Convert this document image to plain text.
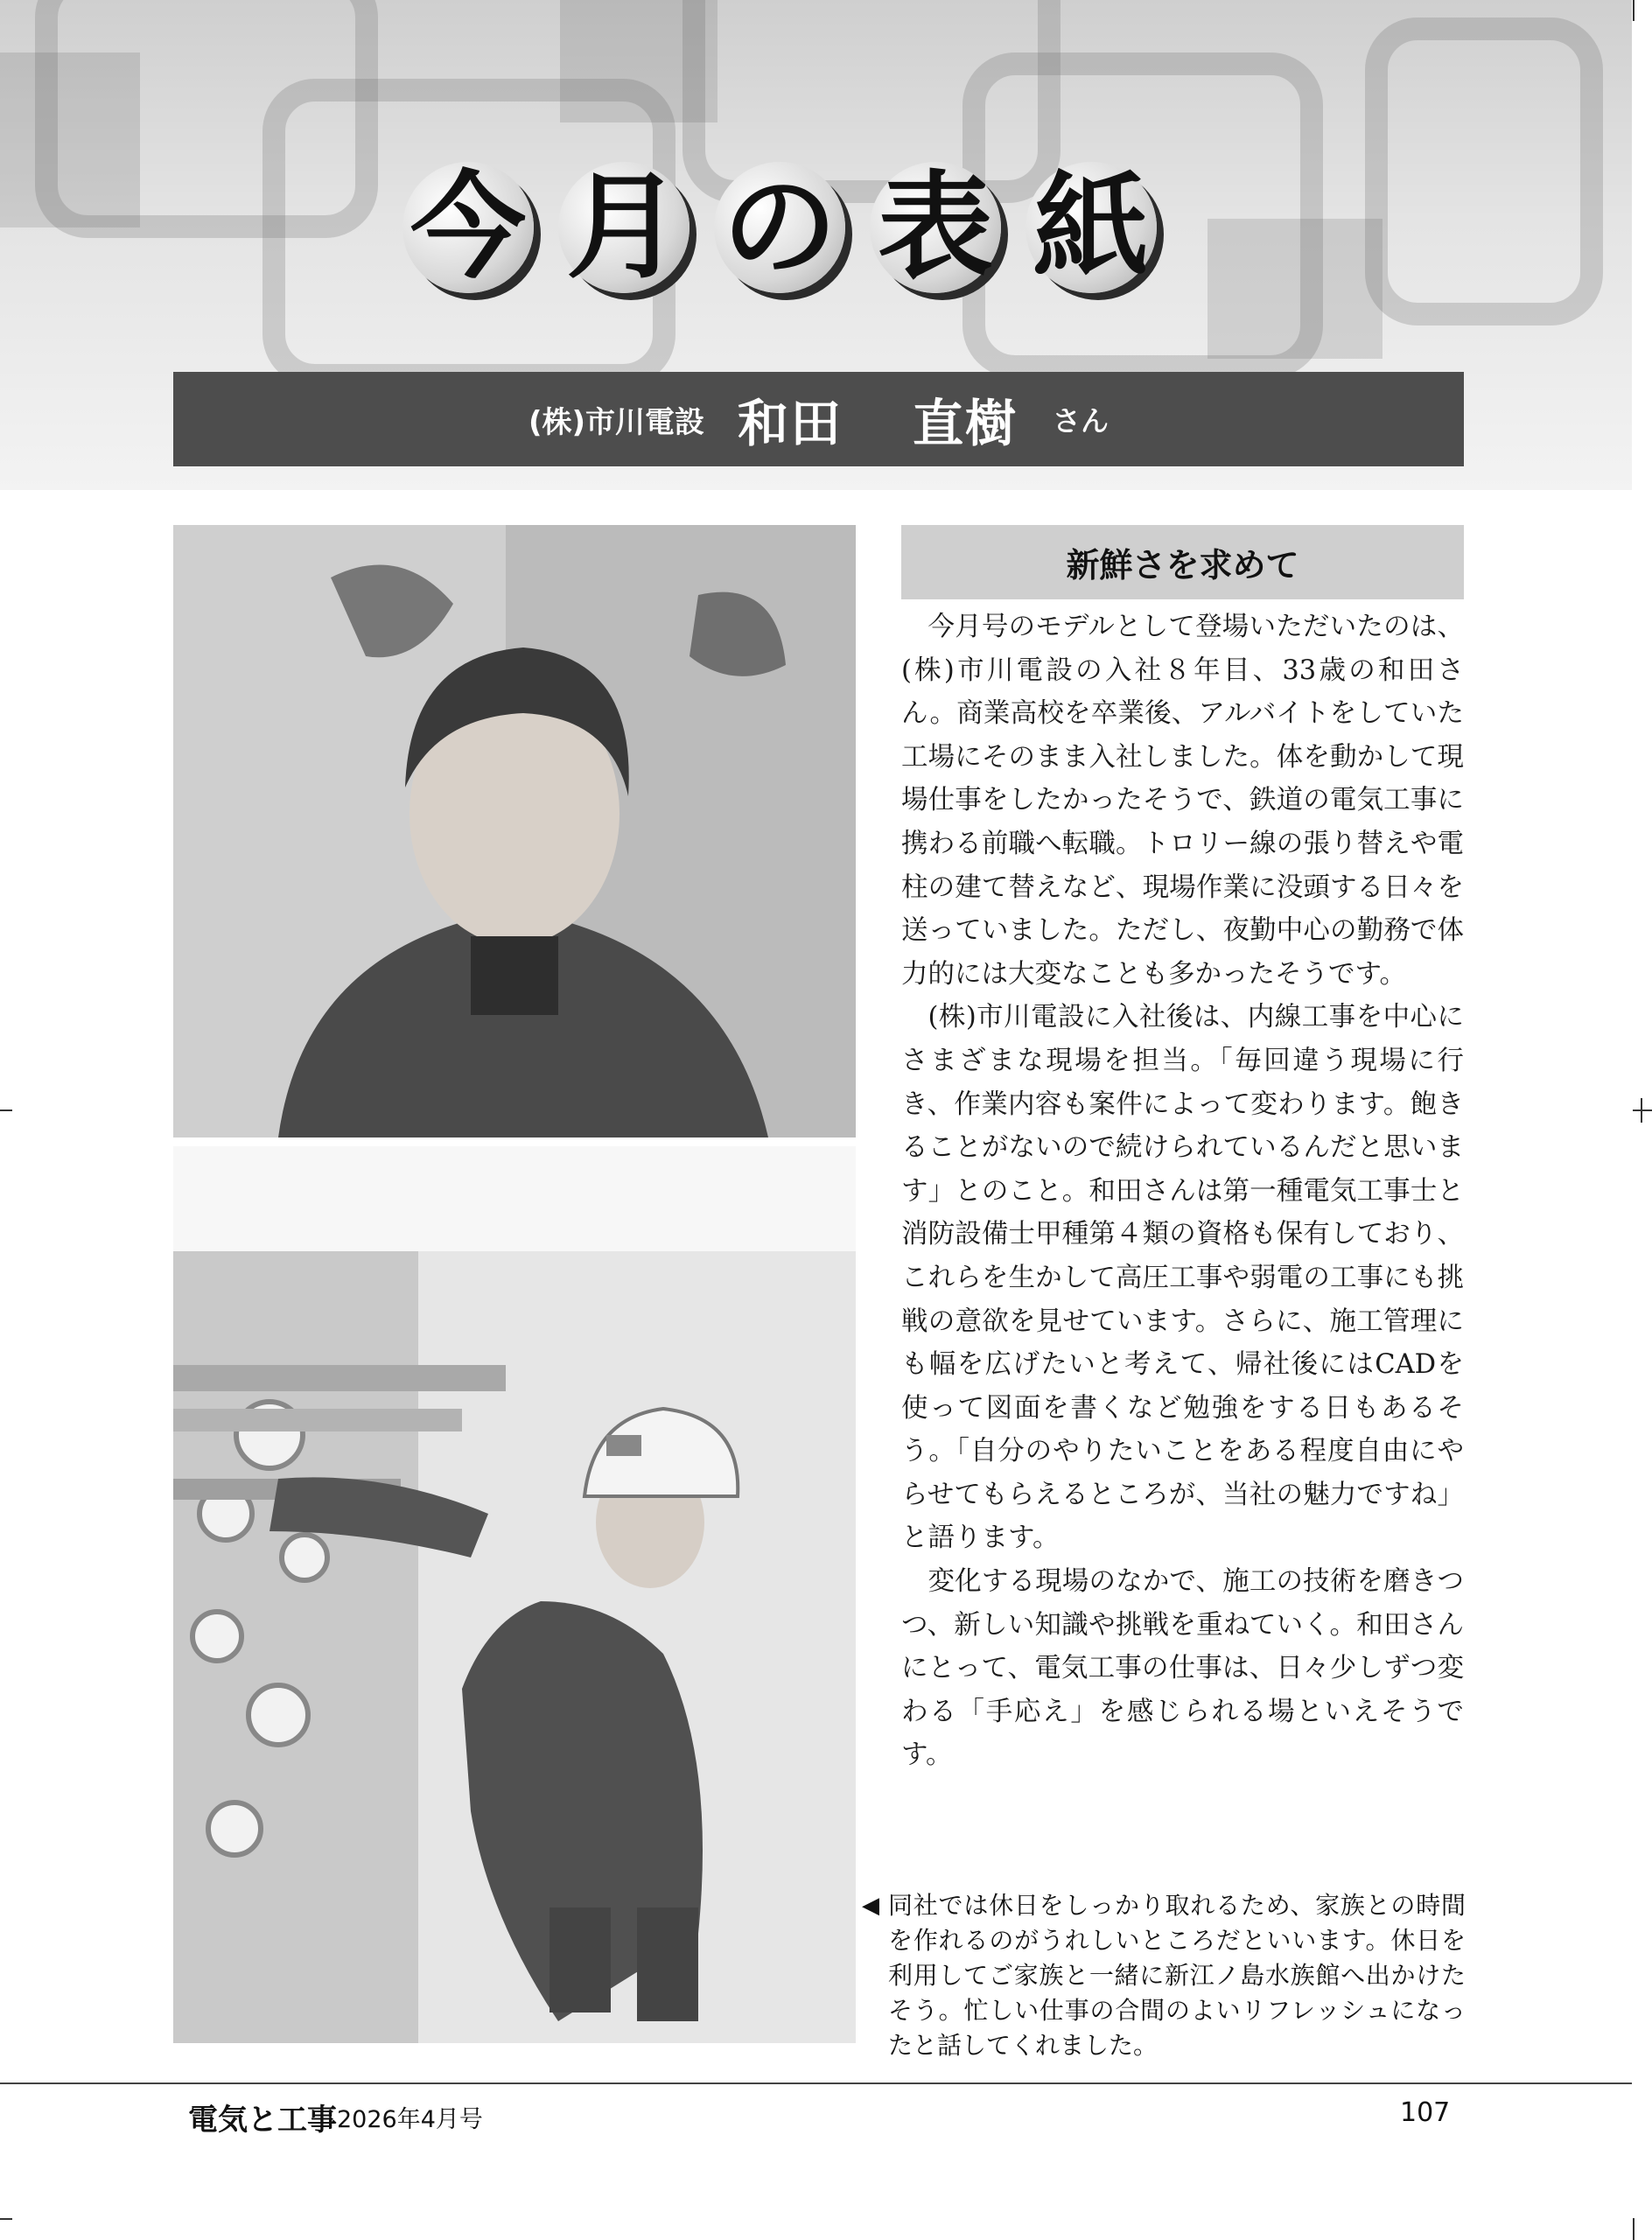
今 月 の 表 紙
(株)市川電設 和田 直樹 さん
新鮮さを求めて

今月号のモデルとして登場いただいたのは、(株)市川電設の入社８年目、33歳の和田さん。商業高校を卒業後、アルバイトをしていた工場にそのまま入社しました。体を動かして現場仕事をしたかったそうで、鉄道の電気工事に携わる前職へ転職。トロリー線の張り替えや電柱の建て替えなど、現場作業に没頭する日々を送っていました。ただし、夜勤中心の勤務で体力的には大変なことも多かったそうです。

(株)市川電設に入社後は、内線工事を中心にさまざまな現場を担当。「毎回違う現場に行き、作業内容も案件によって変わります。飽きることがないので続けられているんだと思います」とのこと。和田さんは第一種電気工事士と消防設備士甲種第４類の資格も保有しており、これらを生かして高圧工事や弱電の工事にも挑戦の意欲を見せています。さらに、施工管理にも幅を広げたいと考えて、帰社後にはCADを使って図面を書くなど勉強をする日もあるそう。「自分のやりたいことをある程度自由にやらせてもらえるところが、当社の魅力ですね」と語ります。

変化する現場のなかで、施工の技術を磨きつつ、新しい知識や挑戦を重ねていく。和田さんにとって、電気工事の仕事は、日々少しずつ変わる「手応え」を感じられる場といえそうです。

◀ 同社では休日をしっかり取れるため、家族との時間を作れるのがうれしいところだといいます。休日を利用してご家族と一緒に新江ノ島水族館へ出かけたそう。忙しい仕事の合間のよいリフレッシュになったと話してくれました。
電気と工事 2026年4月号	107
